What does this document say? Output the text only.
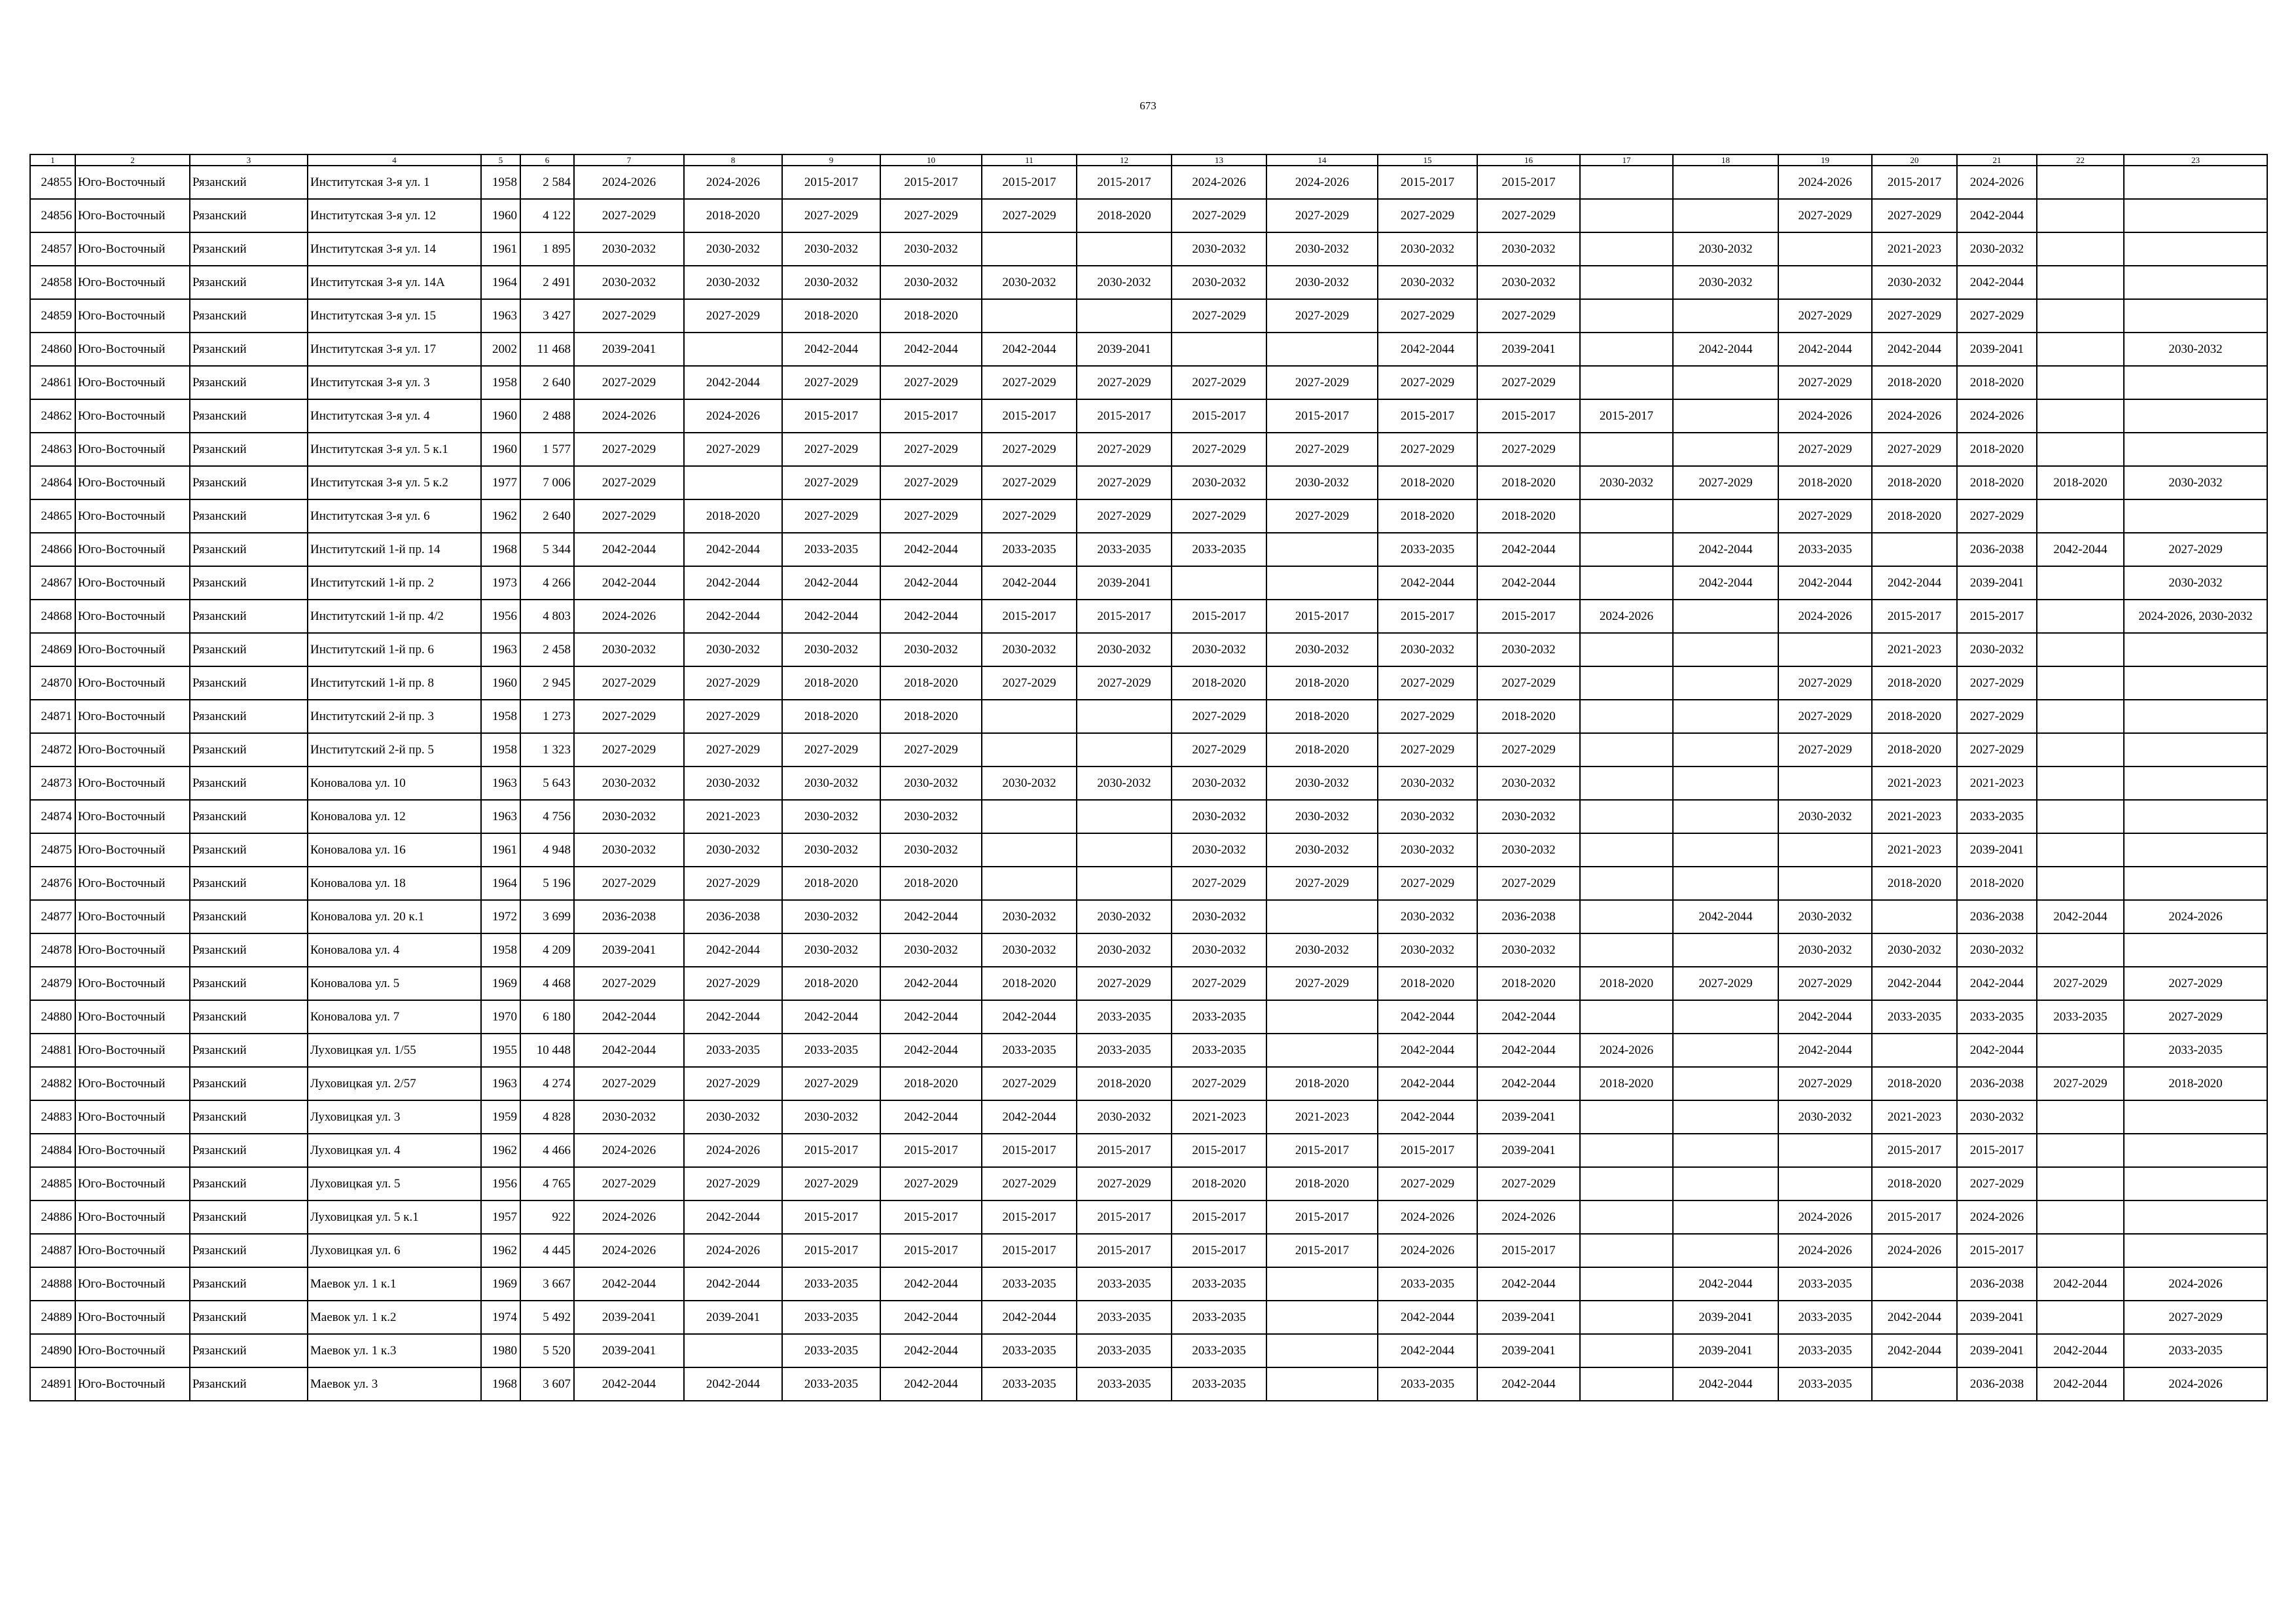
673
1	2	3	4	5	6	7	8	9	10	11	12	13	14	15	16	17	18	19	20	21	22	23
24855	Юго-Восточный	Рязанский	Институтская 3-я ул. 1	1958	2 584	2024-2026	2024-2026	2015-2017	2015-2017	2015-2017	2015-2017	2024-2026	2024-2026	2015-2017	2015-2017			2024-2026	2015-2017	2024-2026		
24856	Юго-Восточный	Рязанский	Институтская 3-я ул. 12	1960	4 122	2027-2029	2018-2020	2027-2029	2027-2029	2027-2029	2018-2020	2027-2029	2027-2029	2027-2029	2027-2029			2027-2029	2027-2029	2042-2044		
24857	Юго-Восточный	Рязанский	Институтская 3-я ул. 14	1961	1 895	2030-2032	2030-2032	2030-2032	2030-2032			2030-2032	2030-2032	2030-2032	2030-2032		2030-2032		2021-2023	2030-2032		
24858	Юго-Восточный	Рязанский	Институтская 3-я ул. 14А	1964	2 491	2030-2032	2030-2032	2030-2032	2030-2032	2030-2032	2030-2032	2030-2032	2030-2032	2030-2032	2030-2032		2030-2032		2030-2032	2042-2044		
24859	Юго-Восточный	Рязанский	Институтская 3-я ул. 15	1963	3 427	2027-2029	2027-2029	2018-2020	2018-2020			2027-2029	2027-2029	2027-2029	2027-2029			2027-2029	2027-2029	2027-2029		
24860	Юго-Восточный	Рязанский	Институтская 3-я ул. 17	2002	11 468	2039-2041		2042-2044	2042-2044	2042-2044	2039-2041			2042-2044	2039-2041		2042-2044	2042-2044	2042-2044	2039-2041		2030-2032
24861	Юго-Восточный	Рязанский	Институтская 3-я ул. 3	1958	2 640	2027-2029	2042-2044	2027-2029	2027-2029	2027-2029	2027-2029	2027-2029	2027-2029	2027-2029	2027-2029			2027-2029	2018-2020	2018-2020		
24862	Юго-Восточный	Рязанский	Институтская 3-я ул. 4	1960	2 488	2024-2026	2024-2026	2015-2017	2015-2017	2015-2017	2015-2017	2015-2017	2015-2017	2015-2017	2015-2017	2015-2017		2024-2026	2024-2026	2024-2026		
24863	Юго-Восточный	Рязанский	Институтская 3-я ул. 5 к.1	1960	1 577	2027-2029	2027-2029	2027-2029	2027-2029	2027-2029	2027-2029	2027-2029	2027-2029	2027-2029	2027-2029			2027-2029	2027-2029	2018-2020		
24864	Юго-Восточный	Рязанский	Институтская 3-я ул. 5 к.2	1977	7 006	2027-2029		2027-2029	2027-2029	2027-2029	2027-2029	2030-2032	2030-2032	2018-2020	2018-2020	2030-2032	2027-2029	2018-2020	2018-2020	2018-2020	2018-2020	2030-2032
24865	Юго-Восточный	Рязанский	Институтская 3-я ул. 6	1962	2 640	2027-2029	2018-2020	2027-2029	2027-2029	2027-2029	2027-2029	2027-2029	2027-2029	2018-2020	2018-2020			2027-2029	2018-2020	2027-2029		
24866	Юго-Восточный	Рязанский	Институтский 1-й пр. 14	1968	5 344	2042-2044	2042-2044	2033-2035	2042-2044	2033-2035	2033-2035	2033-2035		2033-2035	2042-2044		2042-2044	2033-2035		2036-2038	2042-2044	2027-2029
24867	Юго-Восточный	Рязанский	Институтский 1-й пр. 2	1973	4 266	2042-2044	2042-2044	2042-2044	2042-2044	2042-2044	2039-2041			2042-2044	2042-2044		2042-2044	2042-2044	2042-2044	2039-2041		2030-2032
24868	Юго-Восточный	Рязанский	Институтский 1-й пр. 4/2	1956	4 803	2024-2026	2042-2044	2042-2044	2042-2044	2015-2017	2015-2017	2015-2017	2015-2017	2015-2017	2015-2017	2024-2026		2024-2026	2015-2017	2015-2017		2024-2026, 2030-2032
24869	Юго-Восточный	Рязанский	Институтский 1-й пр. 6	1963	2 458	2030-2032	2030-2032	2030-2032	2030-2032	2030-2032	2030-2032	2030-2032	2030-2032	2030-2032	2030-2032				2021-2023	2030-2032		
24870	Юго-Восточный	Рязанский	Институтский 1-й пр. 8	1960	2 945	2027-2029	2027-2029	2018-2020	2018-2020	2027-2029	2027-2029	2018-2020	2018-2020	2027-2029	2027-2029			2027-2029	2018-2020	2027-2029		
24871	Юго-Восточный	Рязанский	Институтский 2-й пр. 3	1958	1 273	2027-2029	2027-2029	2018-2020	2018-2020			2027-2029	2018-2020	2027-2029	2018-2020			2027-2029	2018-2020	2027-2029		
24872	Юго-Восточный	Рязанский	Институтский 2-й пр. 5	1958	1 323	2027-2029	2027-2029	2027-2029	2027-2029			2027-2029	2018-2020	2027-2029	2027-2029			2027-2029	2018-2020	2027-2029		
24873	Юго-Восточный	Рязанский	Коновалова ул. 10	1963	5 643	2030-2032	2030-2032	2030-2032	2030-2032	2030-2032	2030-2032	2030-2032	2030-2032	2030-2032	2030-2032				2021-2023	2021-2023		
24874	Юго-Восточный	Рязанский	Коновалова ул. 12	1963	4 756	2030-2032	2021-2023	2030-2032	2030-2032			2030-2032	2030-2032	2030-2032	2030-2032			2030-2032	2021-2023	2033-2035		
24875	Юго-Восточный	Рязанский	Коновалова ул. 16	1961	4 948	2030-2032	2030-2032	2030-2032	2030-2032			2030-2032	2030-2032	2030-2032	2030-2032				2021-2023	2039-2041		
24876	Юго-Восточный	Рязанский	Коновалова ул. 18	1964	5 196	2027-2029	2027-2029	2018-2020	2018-2020			2027-2029	2027-2029	2027-2029	2027-2029				2018-2020	2018-2020		
24877	Юго-Восточный	Рязанский	Коновалова ул. 20 к.1	1972	3 699	2036-2038	2036-2038	2030-2032	2042-2044	2030-2032	2030-2032	2030-2032		2030-2032	2036-2038		2042-2044	2030-2032		2036-2038	2042-2044	2024-2026
24878	Юго-Восточный	Рязанский	Коновалова ул. 4	1958	4 209	2039-2041	2042-2044	2030-2032	2030-2032	2030-2032	2030-2032	2030-2032	2030-2032	2030-2032	2030-2032			2030-2032	2030-2032	2030-2032		
24879	Юго-Восточный	Рязанский	Коновалова ул. 5	1969	4 468	2027-2029	2027-2029	2018-2020	2042-2044	2018-2020	2027-2029	2027-2029	2027-2029	2018-2020	2018-2020	2018-2020	2027-2029	2027-2029	2042-2044	2042-2044	2027-2029	2027-2029
24880	Юго-Восточный	Рязанский	Коновалова ул. 7	1970	6 180	2042-2044	2042-2044	2042-2044	2042-2044	2042-2044	2033-2035	2033-2035		2042-2044	2042-2044			2042-2044	2033-2035	2033-2035	2033-2035	2027-2029
24881	Юго-Восточный	Рязанский	Луховицкая ул. 1/55	1955	10 448	2042-2044	2033-2035	2033-2035	2042-2044	2033-2035	2033-2035	2033-2035		2042-2044	2042-2044	2024-2026		2042-2044		2042-2044		2033-2035
24882	Юго-Восточный	Рязанский	Луховицкая ул. 2/57	1963	4 274	2027-2029	2027-2029	2027-2029	2018-2020	2027-2029	2018-2020	2027-2029	2018-2020	2042-2044	2042-2044	2018-2020		2027-2029	2018-2020	2036-2038	2027-2029	2018-2020
24883	Юго-Восточный	Рязанский	Луховицкая ул. 3	1959	4 828	2030-2032	2030-2032	2030-2032	2042-2044	2042-2044	2030-2032	2021-2023	2021-2023	2042-2044	2039-2041			2030-2032	2021-2023	2030-2032		
24884	Юго-Восточный	Рязанский	Луховицкая ул. 4	1962	4 466	2024-2026	2024-2026	2015-2017	2015-2017	2015-2017	2015-2017	2015-2017	2015-2017	2015-2017	2039-2041				2015-2017	2015-2017		
24885	Юго-Восточный	Рязанский	Луховицкая ул. 5	1956	4 765	2027-2029	2027-2029	2027-2029	2027-2029	2027-2029	2027-2029	2018-2020	2018-2020	2027-2029	2027-2029				2018-2020	2027-2029		
24886	Юго-Восточный	Рязанский	Луховицкая ул. 5 к.1	1957	922	2024-2026	2042-2044	2015-2017	2015-2017	2015-2017	2015-2017	2015-2017	2015-2017	2024-2026	2024-2026			2024-2026	2015-2017	2024-2026		
24887	Юго-Восточный	Рязанский	Луховицкая ул. 6	1962	4 445	2024-2026	2024-2026	2015-2017	2015-2017	2015-2017	2015-2017	2015-2017	2015-2017	2024-2026	2015-2017			2024-2026	2024-2026	2015-2017		
24888	Юго-Восточный	Рязанский	Маевок ул. 1 к.1	1969	3 667	2042-2044	2042-2044	2033-2035	2042-2044	2033-2035	2033-2035	2033-2035		2033-2035	2042-2044		2042-2044	2033-2035		2036-2038	2042-2044	2024-2026
24889	Юго-Восточный	Рязанский	Маевок ул. 1 к.2	1974	5 492	2039-2041	2039-2041	2033-2035	2042-2044	2042-2044	2033-2035	2033-2035		2042-2044	2039-2041		2039-2041	2033-2035	2042-2044	2039-2041		2027-2029
24890	Юго-Восточный	Рязанский	Маевок ул. 1 к.3	1980	5 520	2039-2041		2033-2035	2042-2044	2033-2035	2033-2035	2033-2035		2042-2044	2039-2041		2039-2041	2033-2035	2042-2044	2039-2041	2042-2044	2033-2035
24891	Юго-Восточный	Рязанский	Маевок ул. 3	1968	3 607	2042-2044	2042-2044	2033-2035	2042-2044	2033-2035	2033-2035	2033-2035		2033-2035	2042-2044		2042-2044	2033-2035		2036-2038	2042-2044	2024-2026
